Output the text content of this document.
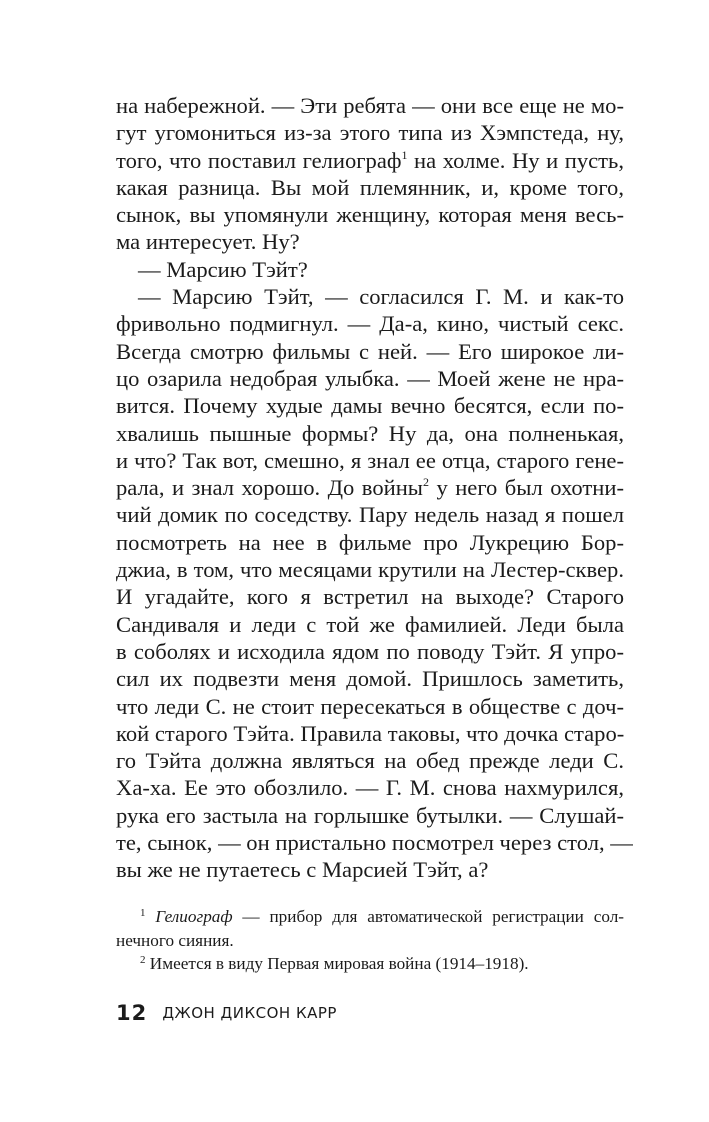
на набережной. — Эти ребята — они все еще не мо-
гут угомониться из-за этого типа из Хэмпстеда, ну,
того, что поставил гелиограф$^1$ на холме. Ну и пусть,
какая разница. Вы мой племянник, и, кроме того,
сынок, вы упомянули женщину, которая меня весь-
ма интересует. Ну?
— Марсию Тэйт?
— Марсию Тэйт, — согласился Г. М. и как-то
фривольно подмигнул. — Да-а, кино, чистый секс.
Всегда смотрю фильмы с ней. — Его широкое ли-
цо озарила недобрая улыбка. — Моей жене не нра-
вится. Почему худые дамы вечно бесятся, если по-
хвалишь пышные формы? Ну да, она полненькая,
и что? Так вот, смешно, я знал ее отца, старого гене-
рала, и знал хорошо. До войны$^2$ у него был охотни-
чий домик по соседству. Пару недель назад я пошел
посмотреть на нее в фильме про Лукрецию Бор-
джиа, в том, что месяцами крутили на Лестер-сквер.
И угадайте, кого я встретил на выходе? Старого
Сандиваля и леди с той же фамилией. Леди была
в соболях и исходила ядом по поводу Тэйт. Я упро-
сил их подвезти меня домой. Пришлось заметить,
что леди С. не стоит пересекаться в обществе с доч-
кой старого Тэйта. Правила таковы, что дочка старо-
го Тэйта должна являться на обед прежде леди С.
Ха-ха. Ее это обозлило. — Г. М. снова нахмурился,
рука его застыла на горлышке бутылки. — Слушай-
те, сынок, — он пристально посмотрел через стол, —
вы же не путаетесь с Марсией Тэйт, а?
$^1$ Гелиограф — прибор для автоматической регистрации сол-
нечного сияния.
$^2$ Имеется в виду Первая мировая война (1914–1918).
12 ДЖОН ДИКСОН КАРР
